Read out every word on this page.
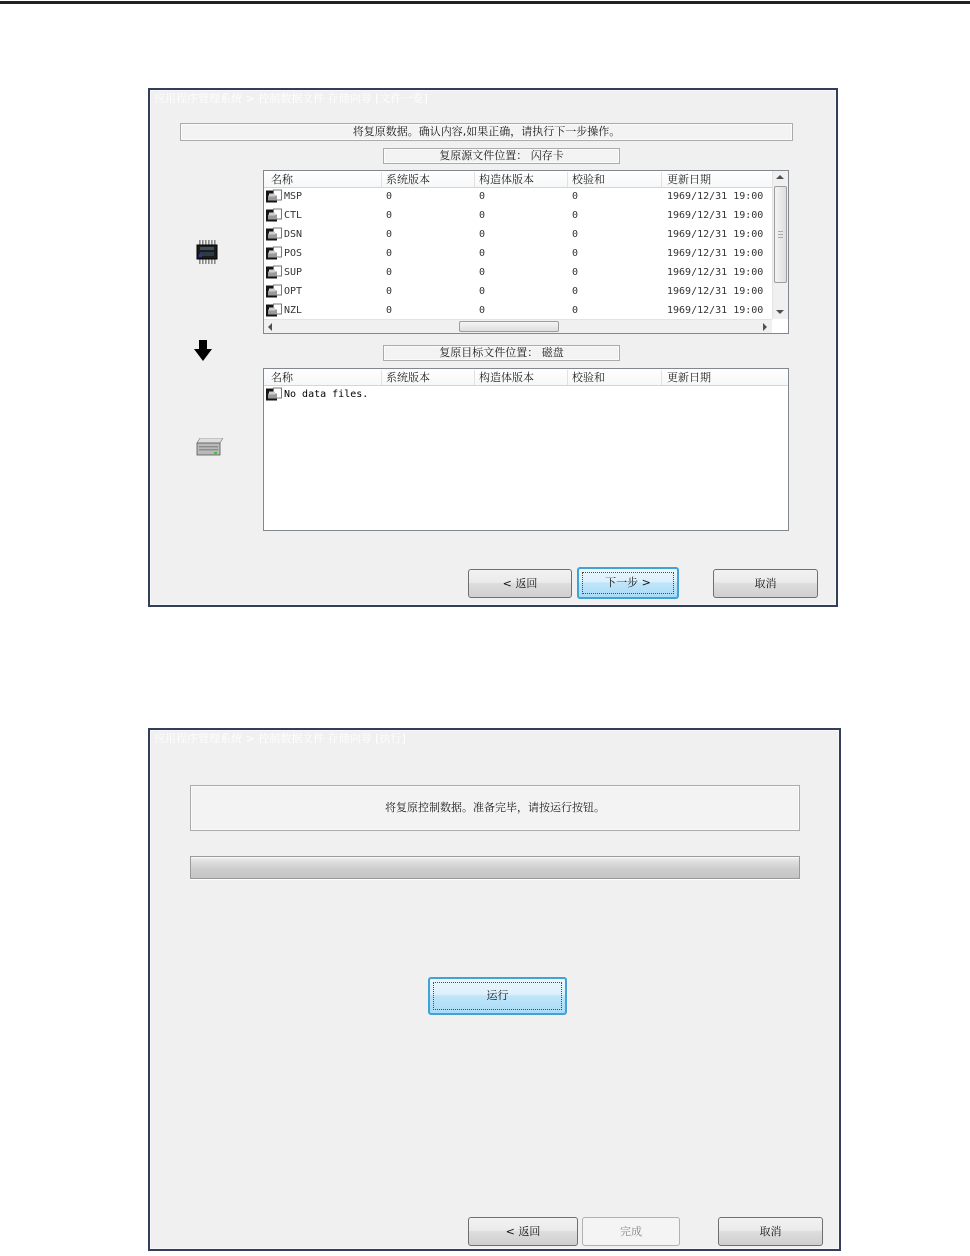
应用程序管理系统 > 控制数据文件 存储向导 [文件一览]
将复原数据。确认内容,如果正确，请执行下一步操作。
复原源文件位置： 闪存卡
名称	系统版本	构造体版本	校验和	更新日期
MSP	0	0	0	1969/12/31 19:00
CTL	0	0	0	1969/12/31 19:00
DSN	0	0	0	1969/12/31 19:00
POS	0	0	0	1969/12/31 19:00
SUP	0	0	0	1969/12/31 19:00
OPT	0	0	0	1969/12/31 19:00
NZL	0	0	0	1969/12/31 19:00
复原目标文件位置： 磁盘
名称	系统版本	构造体版本	校验和	更新日期
No data files.
< 返回	下一步 >	取消
应用程序管理系统 > 控制数据文件 存储向导 [执行]
将复原控制数据。准备完毕，请按运行按钮。
运行
< 返回	完成	取消
